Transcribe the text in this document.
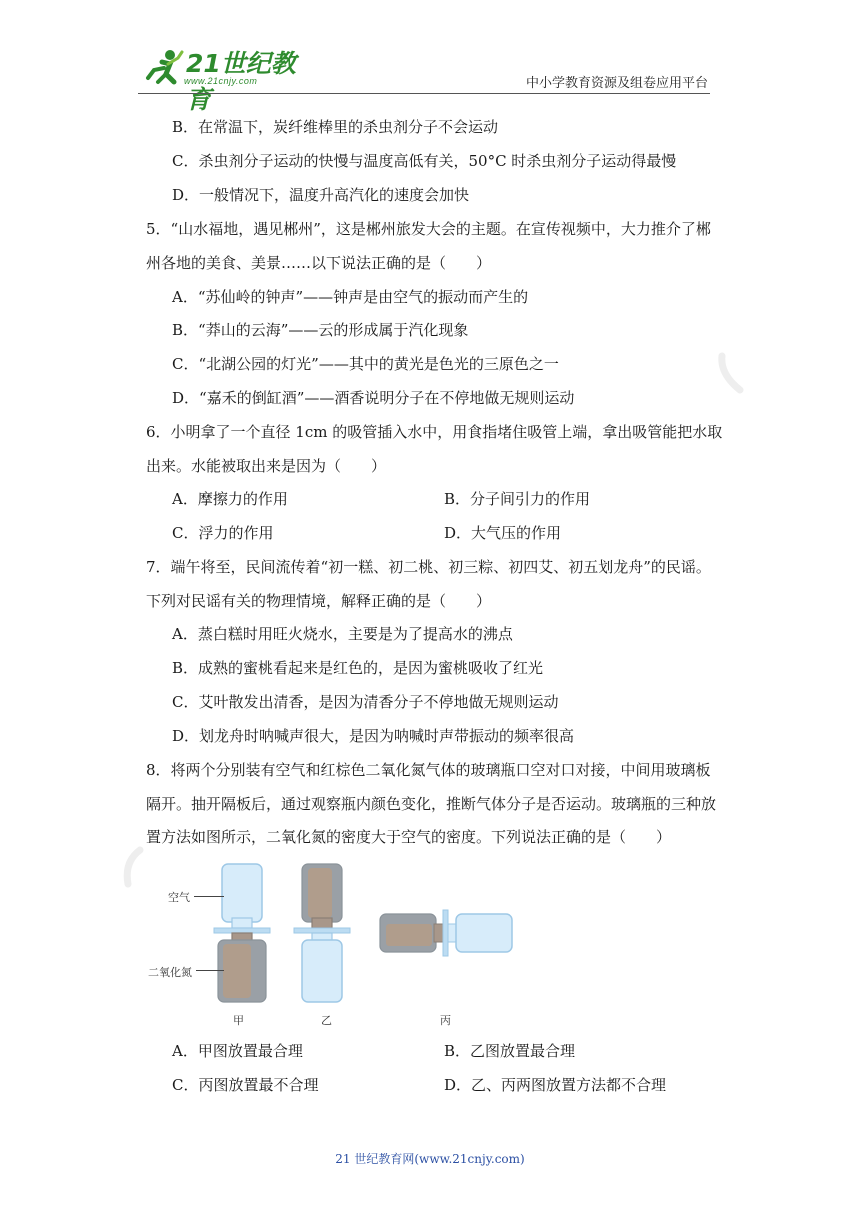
21世纪教育
www.21cnjy.com	中小学教育资源及组卷应用平台
B．在常温下，炭纤维棒里的杀虫剂分子不会运动
C．杀虫剂分子运动的快慢与温度高低有关，50°C 时杀虫剂分子运动得最慢
D．一般情况下，温度升高汽化的速度会加快
5．“山水福地，遇见郴州”，这是郴州旅发大会的主题。在宣传视频中，大力推介了郴
州各地的美食、美景……以下说法正确的是（　　）
A．“苏仙岭的钟声”——钟声是由空气的振动而产生的
B．“莽山的云海”——云的形成属于汽化现象
C．“北湖公园的灯光”——其中的黄光是色光的三原色之一
D．“嘉禾的倒缸酒”——酒香说明分子在不停地做无规则运动
6．小明拿了一个直径 1cm 的吸管插入水中，用食指堵住吸管上端，拿出吸管能把水取
出来。水能被取出来是因为（　　）
A．摩擦力的作用	B．分子间引力的作用
C．浮力的作用	D．大气压的作用
7．端午将至，民间流传着“初一糕、初二桃、初三粽、初四艾、初五划龙舟”的民谣。
下列对民谣有关的物理情境，解释正确的是（　　）
A．蒸白糕时用旺火烧水，主要是为了提高水的沸点
B．成熟的蜜桃看起来是红色的，是因为蜜桃吸收了红光
C．艾叶散发出清香，是因为清香分子不停地做无规则运动
D．划龙舟时呐喊声很大，是因为呐喊时声带振动的频率很高
8．将两个分别装有空气和红棕色二氧化氮气体的玻璃瓶口空对口对接，中间用玻璃板
隔开。抽开隔板后，通过观察瓶内颜色变化，推断气体分子是否运动。玻璃瓶的三种放
置方法如图所示，二氧化氮的密度大于空气的密度。下列说法正确的是（　　）
A．甲图放置最合理	B．乙图放置最合理
C．丙图放置最不合理	D．乙、丙两图放置方法都不合理
空气
二氧化氮
甲	乙	丙
21 世纪教育网(www.21cnjy.com)
